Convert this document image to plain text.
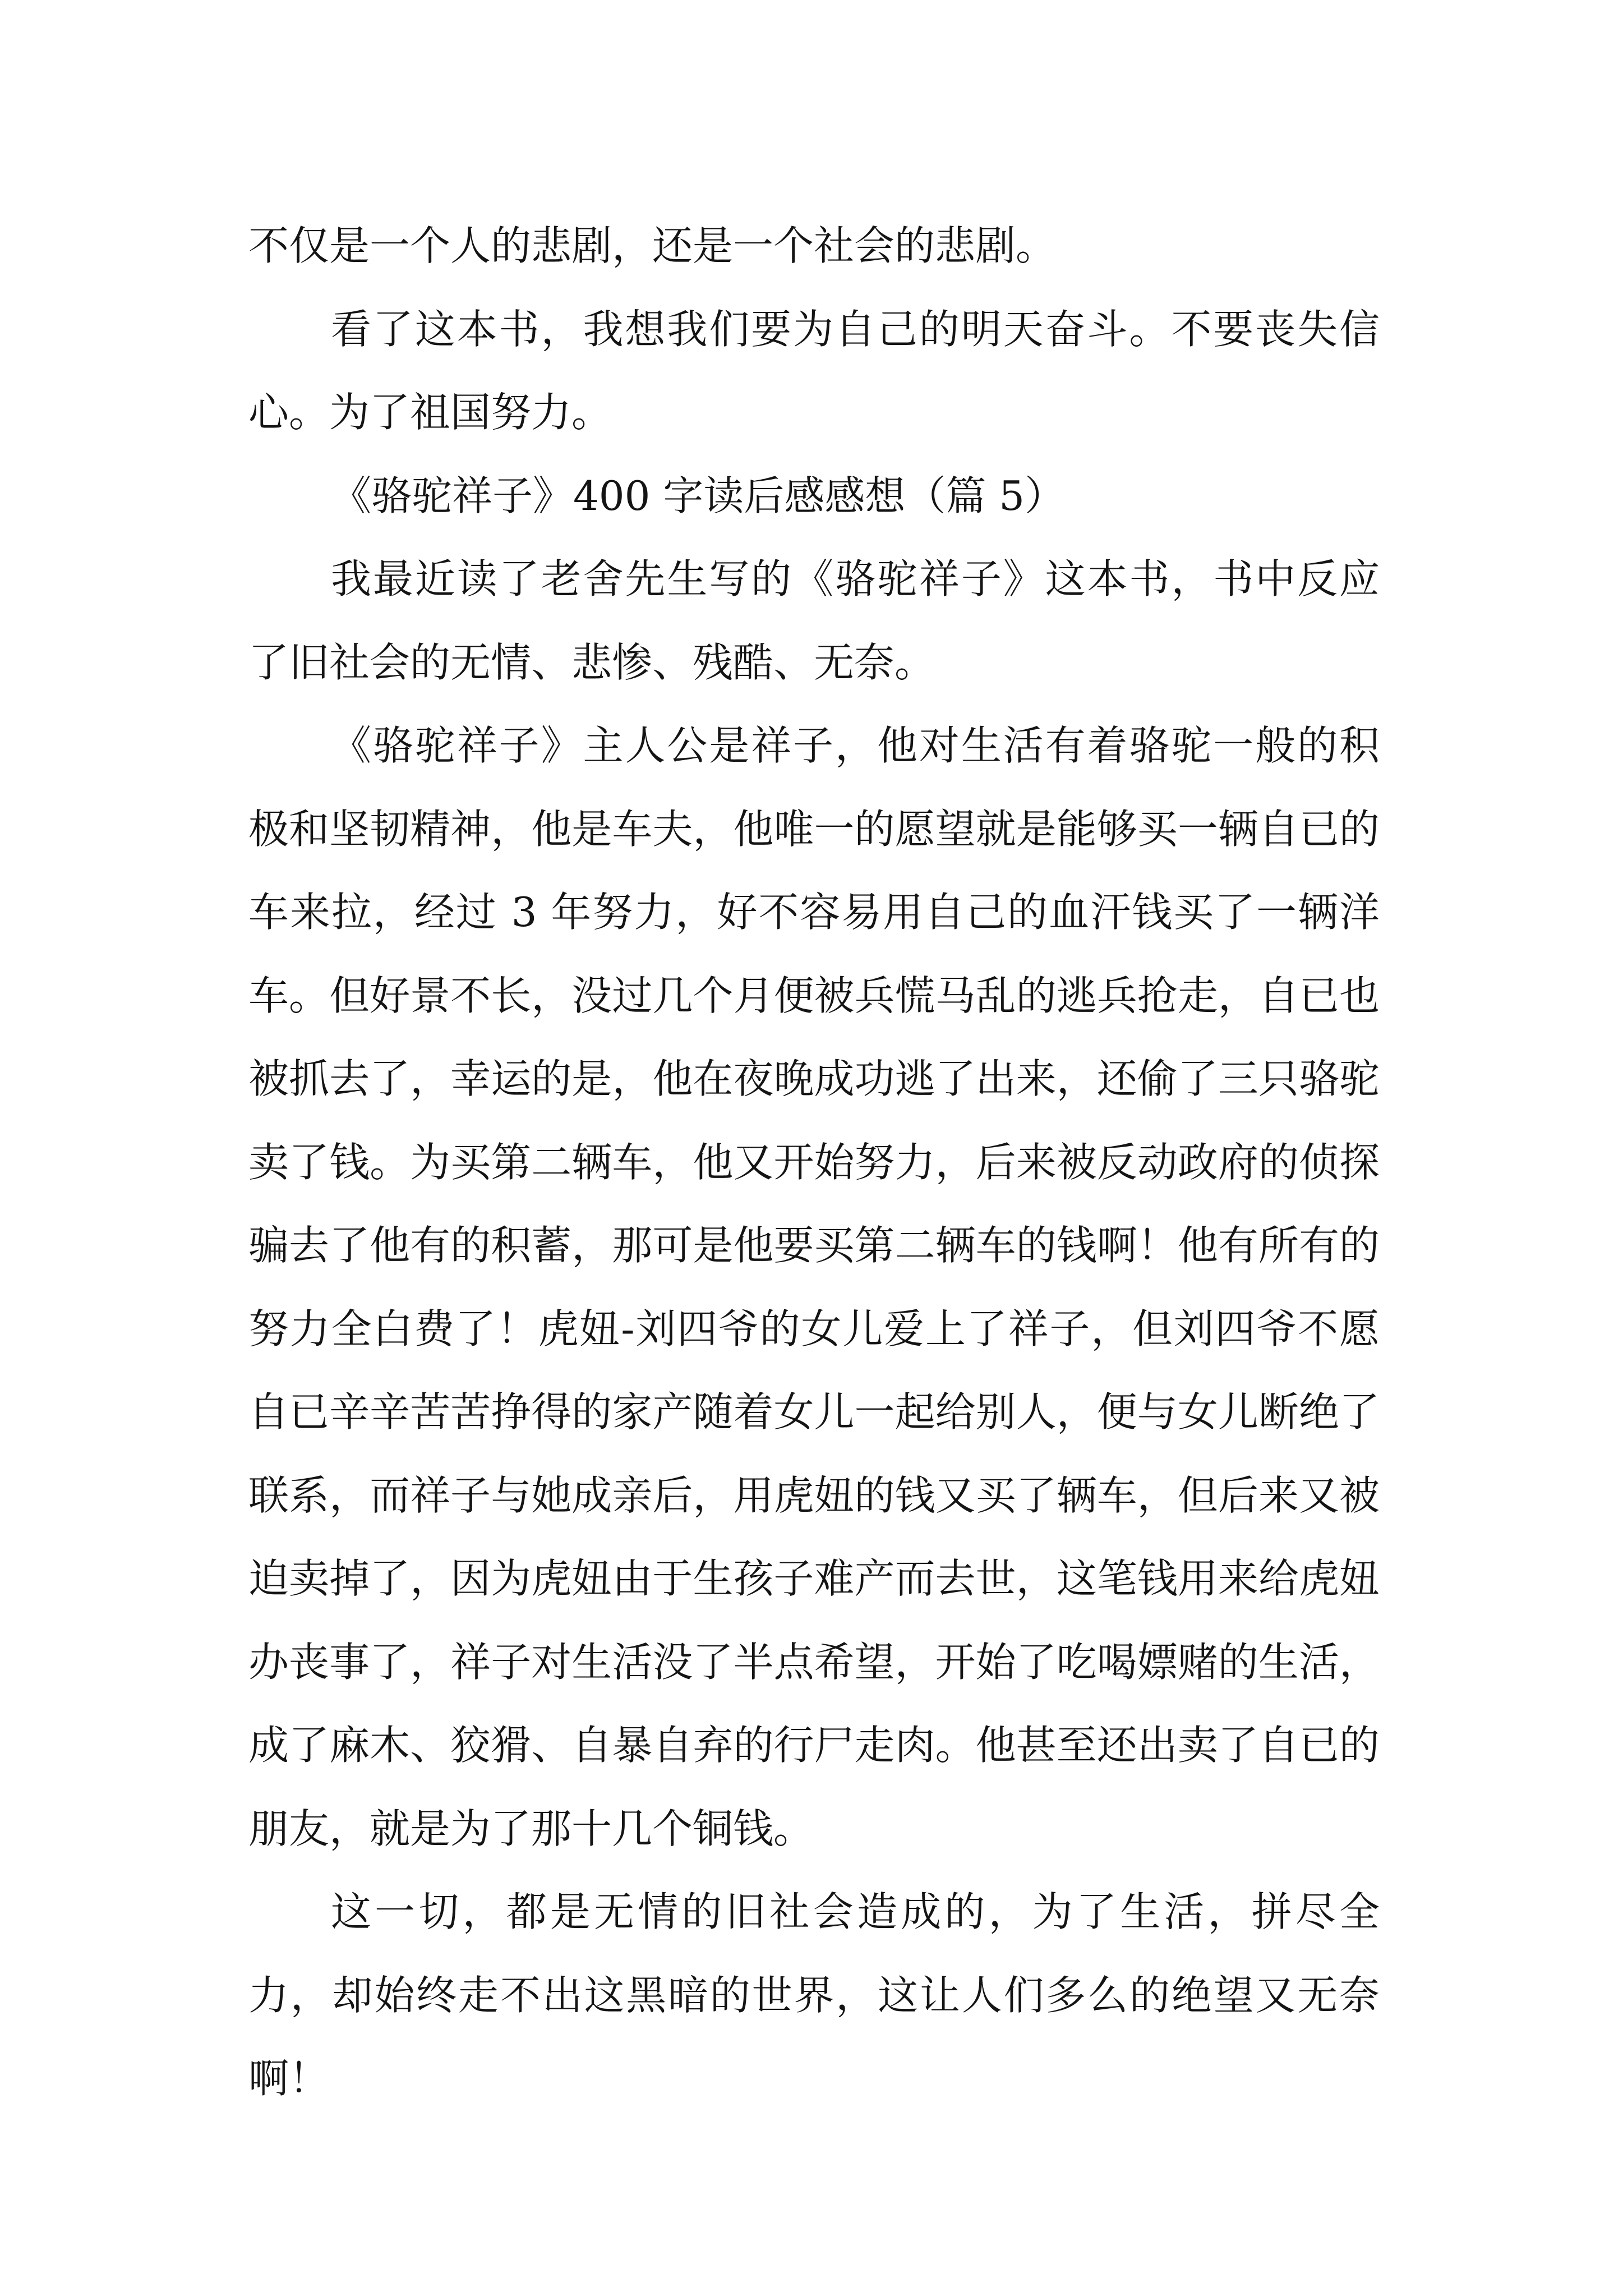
不仅是一个人的悲剧，还是一个社会的悲剧。

看了这本书，我想我们要为自己的明天奋斗。不要丧失信心。为了祖国努力。

《骆驼祥子》400 字读后感感想（篇 5）

我最近读了老舍先生写的《骆驼祥子》这本书，书中反应了旧社会的无情、悲惨、残酷、无奈。

《骆驼祥子》主人公是祥子，他对生活有着骆驼一般的积极和坚韧精神，他是车夫，他唯一的愿望就是能够买一辆自已的车来拉，经过 3 年努力，好不容易用自己的血汗钱买了一辆洋车。但好景不长，没过几个月便被兵慌马乱的逃兵抢走，自已也被抓去了，幸运的是，他在夜晚成功逃了出来，还偷了三只骆驼卖了钱。为买第二辆车，他又开始努力，后来被反动政府的侦探骗去了他有的积蓄，那可是他要买第二辆车的钱啊！他有所有的努力全白费了！虎妞-刘四爷的女儿爱上了祥子，但刘四爷不愿自已辛辛苦苦挣得的家产随着女儿一起给别人，便与女儿断绝了联系，而祥子与她成亲后，用虎妞的钱又买了辆车，但后来又被迫卖掉了，因为虎妞由于生孩子难产而去世，这笔钱用来给虎妞办丧事了，祥子对生活没了半点希望，开始了吃喝嫖赌的生活，成了麻木、狡猾、自暴自弃的行尸走肉。他甚至还出卖了自已的朋友，就是为了那十几个铜钱。

这一切，都是无情的旧社会造成的，为了生活，拼尽全力，却始终走不出这黑暗的世界，这让人们多么的绝望又无奈啊！
